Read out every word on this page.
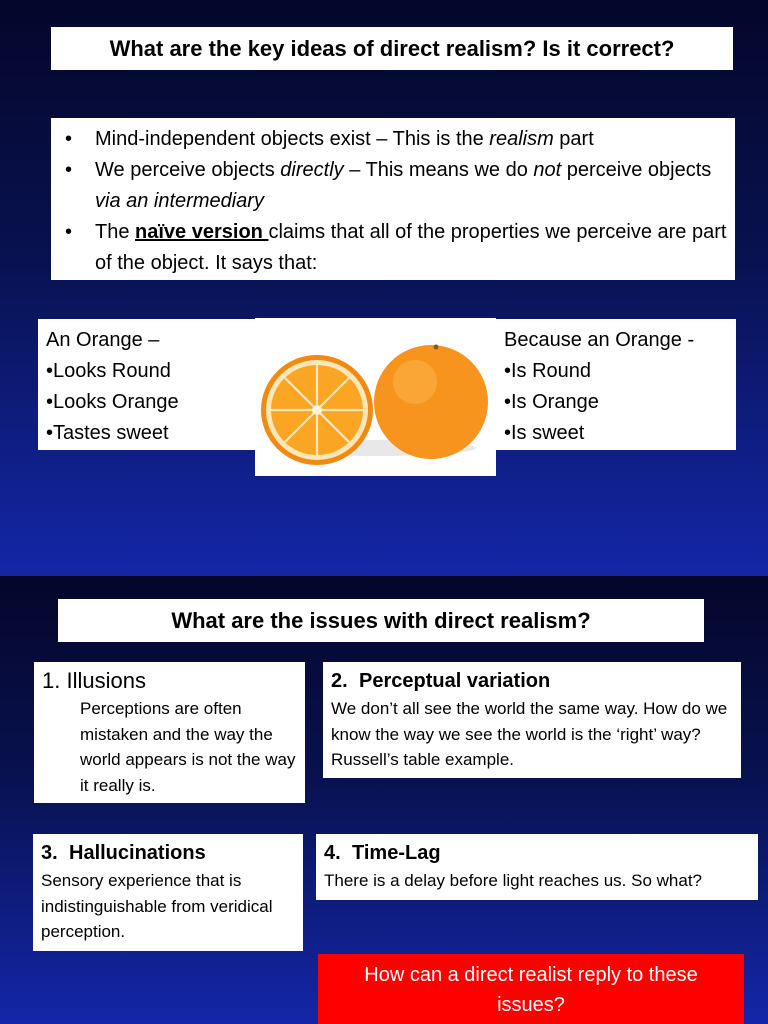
What are the key ideas of direct realism? Is it correct?
• Mind-independent objects exist – This is the realism part
• We perceive objects directly – This means we do not perceive objects via an intermediary
• The naïve version claims that all of the properties we perceive are part of the object. It says that:
An Orange –
•Looks Round
•Looks Orange
•Tastes sweet
Because an Orange -
•Is Round
•Is Orange
•Is sweet
What are the issues with direct realism?
1. Illusions
Perceptions are often mistaken and the way the world appears is not the way it really is.
2. Perceptual variation
We don’t all see the world the same way. How do we know the way we see the world is the ‘right’ way? Russell’s table example.
3. Hallucinations
Sensory experience that is indistinguishable from veridical perception.
4. Time-Lag
There is a delay before light reaches us. So what?
How can a direct realist reply to these issues?
